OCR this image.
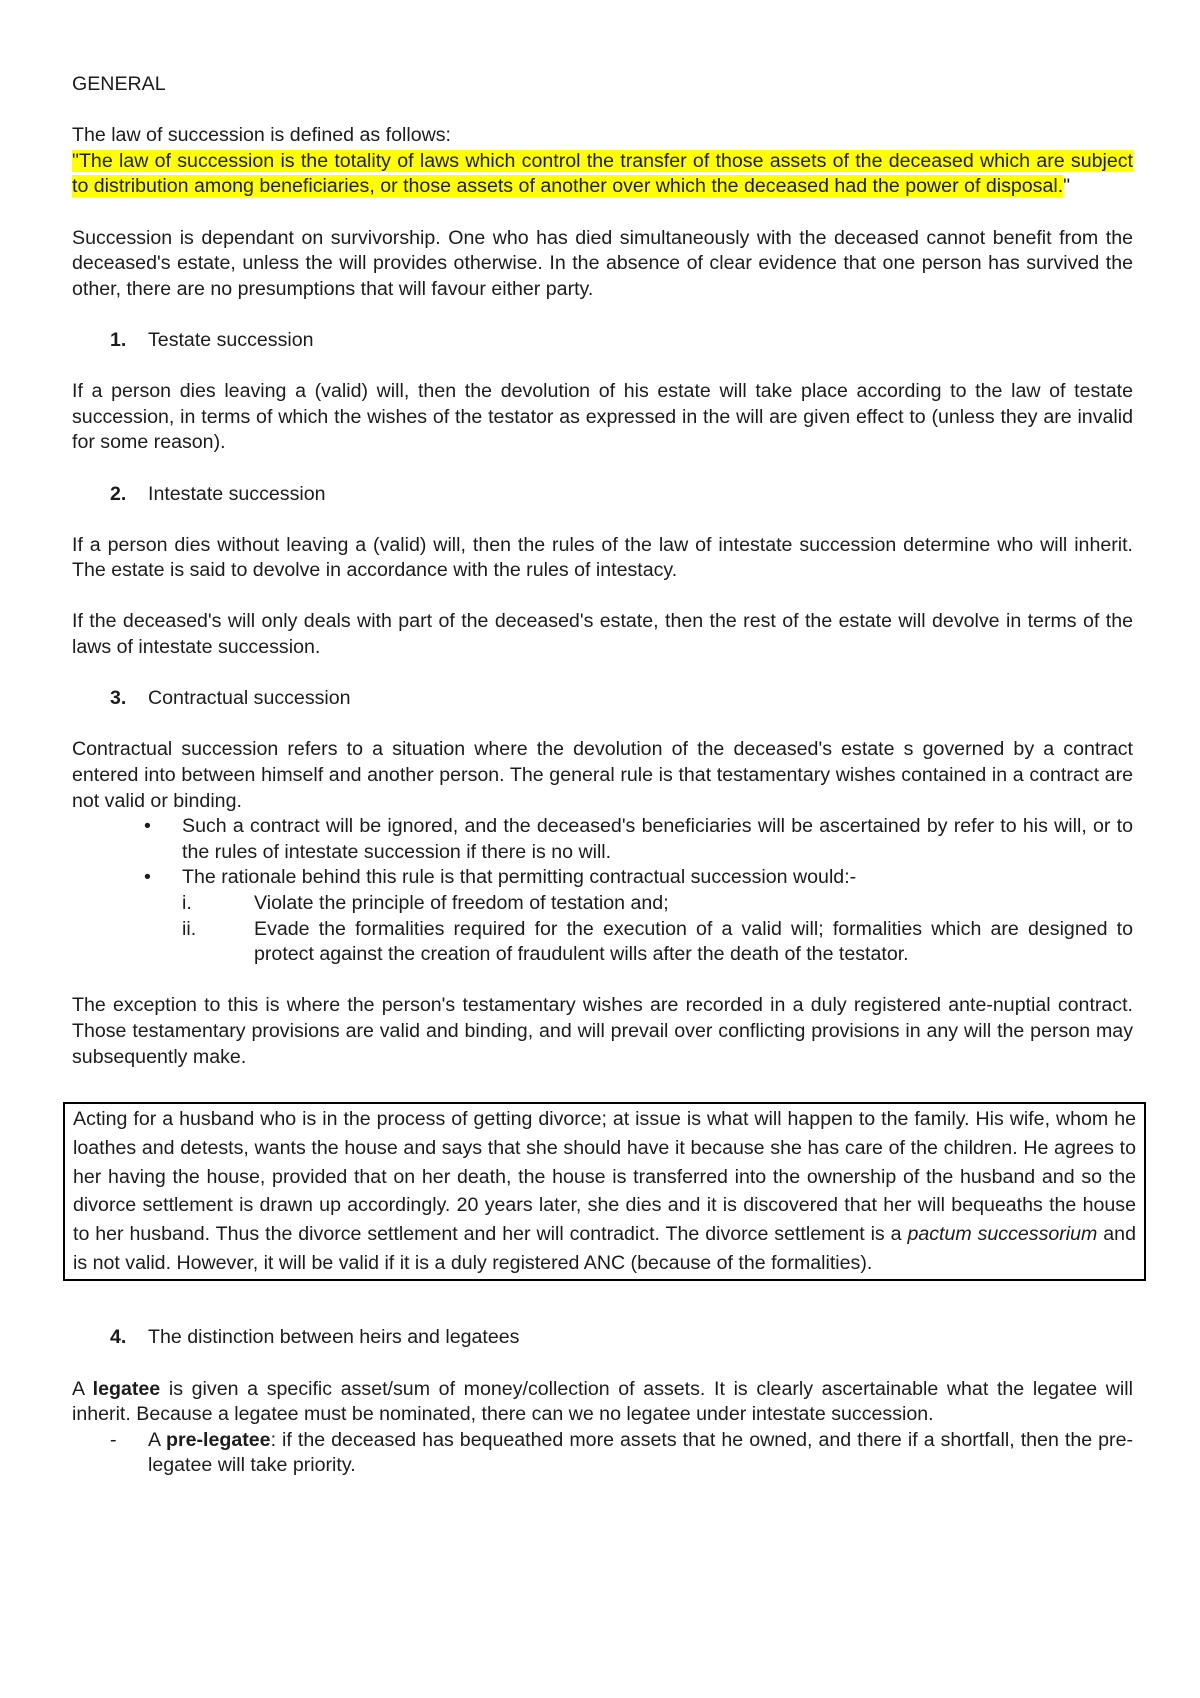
GENERAL

The law of succession is defined as follows:

"The law of succession is the totality of laws which control the transfer of those assets of the deceased which are subject to distribution among beneficiaries, or those assets of another over which the deceased had the power of disposal."

Succession is dependant on survivorship. One who has died simultaneously with the deceased cannot benefit from the deceased's estate, unless the will provides otherwise. In the absence of clear evidence that one person has survived the other, there are no presumptions that will favour either party.

1.	Testate succession

If a person dies leaving a (valid) will, then the devolution of his estate will take place according to the law of testate succession, in terms of which the wishes of the testator as expressed in the will are given effect to (unless they are invalid for some reason).

2.	Intestate succession

If a person dies without leaving a (valid) will, then the rules of the law of intestate succession determine who will inherit. The estate is said to devolve in accordance with the rules of intestacy.

If the deceased's will only deals with part of the deceased's estate, then the rest of the estate will devolve in terms of the laws of intestate succession.

3.	Contractual succession

Contractual succession refers to a situation where the devolution of the deceased's estate s governed by a contract entered into between himself and another person. The general rule is that testamentary wishes contained in a contract are not valid or binding.

•	Such a contract will be ignored, and the deceased's beneficiaries will be ascertained by refer to his will, or to the rules of intestate succession if there is no will.
•	The rationale behind this rule is that permitting contractual succession would:-
i.	Violate the principle of freedom of testation and;
ii.	Evade the formalities required for the execution of a valid will; formalities which are designed to protect against the creation of fraudulent wills after the death of the testator.

The exception to this is where the person's testamentary wishes are recorded in a duly registered ante-nuptial contract. Those testamentary provisions are valid and binding, and will prevail over conflicting provisions in any will the person may subsequently make.

Acting for a husband who is in the process of getting divorce; at issue is what will happen to the family. His wife, whom he loathes and detests, wants the house and says that she should have it because she has care of the children. He agrees to her having the house, provided that on her death, the house is transferred into the ownership of the husband and so the divorce settlement is drawn up accordingly. 20 years later, she dies and it is discovered that her will bequeaths the house to her husband. Thus the divorce settlement and her will contradict. The divorce settlement is a pactum successorium and is not valid. However, it will be valid if it is a duly registered ANC (because of the formalities).
4.	The distinction between heirs and legatees

A legatee is given a specific asset/sum of money/collection of assets. It is clearly ascertainable what the legatee will inherit. Because a legatee must be nominated, there can we no legatee under intestate succession.

-	A pre-legatee: if the deceased has bequeathed more assets that he owned, and there if a shortfall, then the pre-legatee will take priority.
